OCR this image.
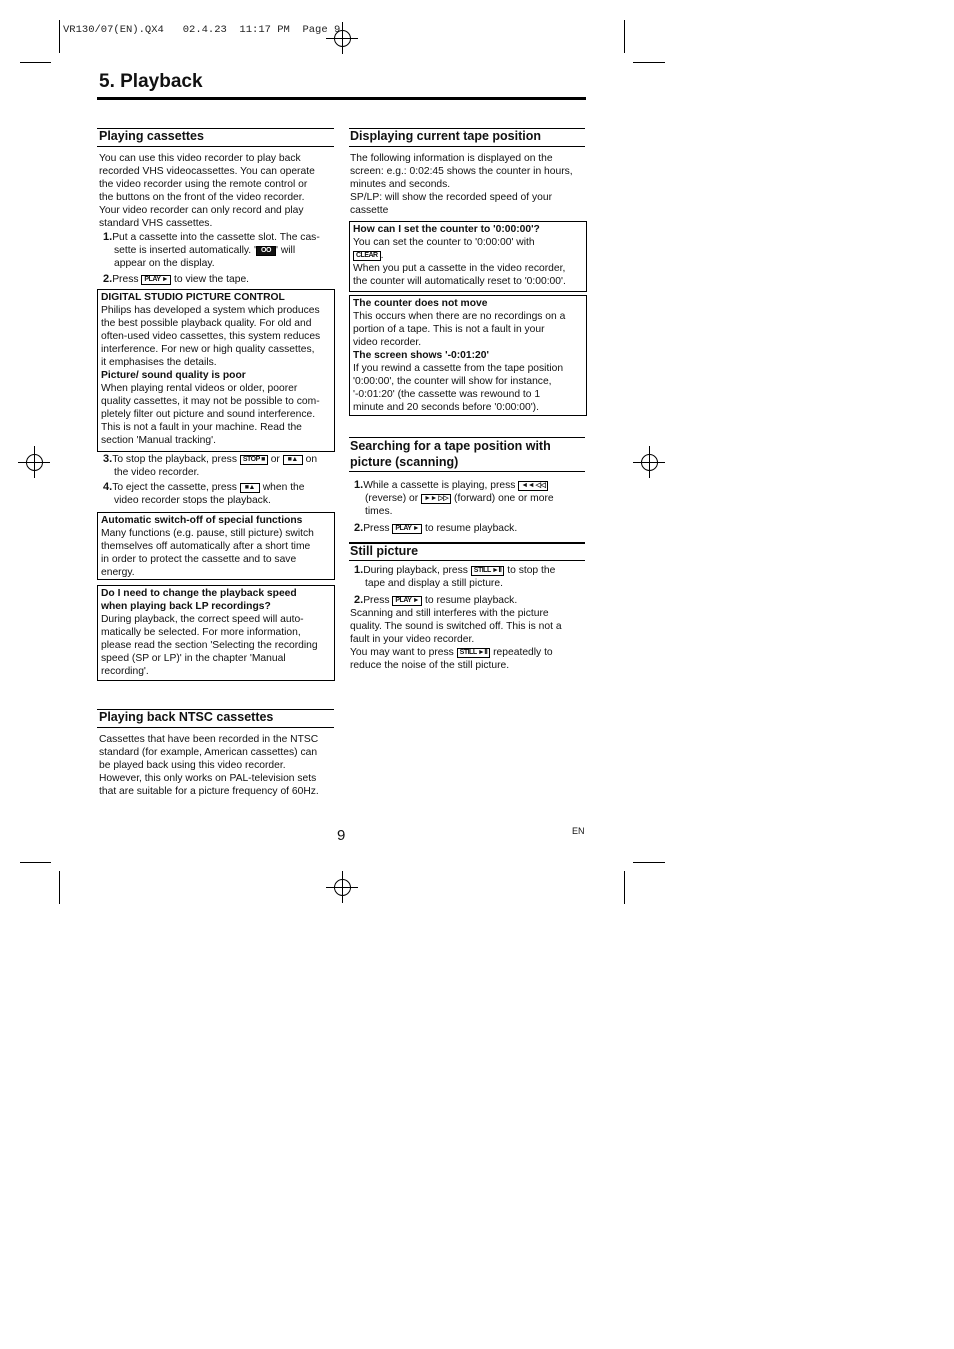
VR130/07(EN).QX4   02.4.23  11:17 PM  Page 9
5. Playback
Playing cassettes
You can use this video recorder to play back
recorded VHS videocassettes. You can operate
the video recorder using the remote control or
the buttons on the front of the video recorder.
Your video recorder can only record and play
standard VHS cassettes.
1.Put a cassette into the cassette slot. The cas-
sette is inserted automatically. ' OO ' will
appear on the display.
2.Press PLAY ► to view the tape.
DIGITAL STUDIO PICTURE CONTROL
Philips has developed a system which produces
the best possible playback quality. For old and
often-used video cassettes, this system reduces
interference. For new or high quality cassettes,
it emphasises the details.
Picture/ sound quality is poor
When playing rental videos or older, poorer
quality cassettes, it may not be possible to com-
pletely filter out picture and sound interference.
This is not a fault in your machine. Read the
section 'Manual tracking'.
3.To stop the playback, press STOP ■ or ■▲ on
the video recorder.
4.To eject the cassette, press ■▲ when the
video recorder stops the playback.
Automatic switch-off of special functions
Many functions (e.g. pause, still picture) switch
themselves off automatically after a short time
in order to protect the cassette and to save
energy.
Do I need to change the playback speed
when playing back LP recordings?
During playback, the correct speed will auto-
matically be selected. For more information,
please read the section 'Selecting the recording
speed (SP or LP)' in the chapter 'Manual
recording'.
Playing back NTSC cassettes
Cassettes that have been recorded in the NTSC
standard (for example, American cassettes) can
be played back using this video recorder.
However, this only works on PAL-television sets
that are suitable for a picture frequency of 60Hz.
Displaying current tape position
The following information is displayed on the
screen: e.g.: 0:02:45 shows the counter in hours,
minutes and seconds.
SP/LP: will show the recorded speed of your
cassette
How can I set the counter to '0:00:00'?
You can set the counter to '0:00:00' with
CLEAR .
When you put a cassette in the video recorder,
the counter will automatically reset to '0:00:00'.
The counter does not move
This occurs when there are no recordings on a
portion of a tape. This is not a fault in your
video recorder.
The screen shows '-0:01:20'
If you rewind a cassette from the tape position
'0:00:00', the counter will show for instance,
'-0:01:20' (the cassette was rewound to 1
minute and 20 seconds before '0:00:00').
Searching for a tape position with
picture (scanning)
1.While a cassette is playing, press ◄◄ ◁◁
(reverse) or ►► ▷▷ (forward) one or more
times.
2.Press PLAY ► to resume playback.
Still picture
1.During playback, press STILL ►II to stop the
tape and display a still picture.
2.Press PLAY ► to resume playback.
Scanning and still interferes with the picture
quality. The sound is switched off. This is not a
fault in your video recorder.
You may want to press STILL ►II repeatedly to
reduce the noise of the still picture.
9	EN
